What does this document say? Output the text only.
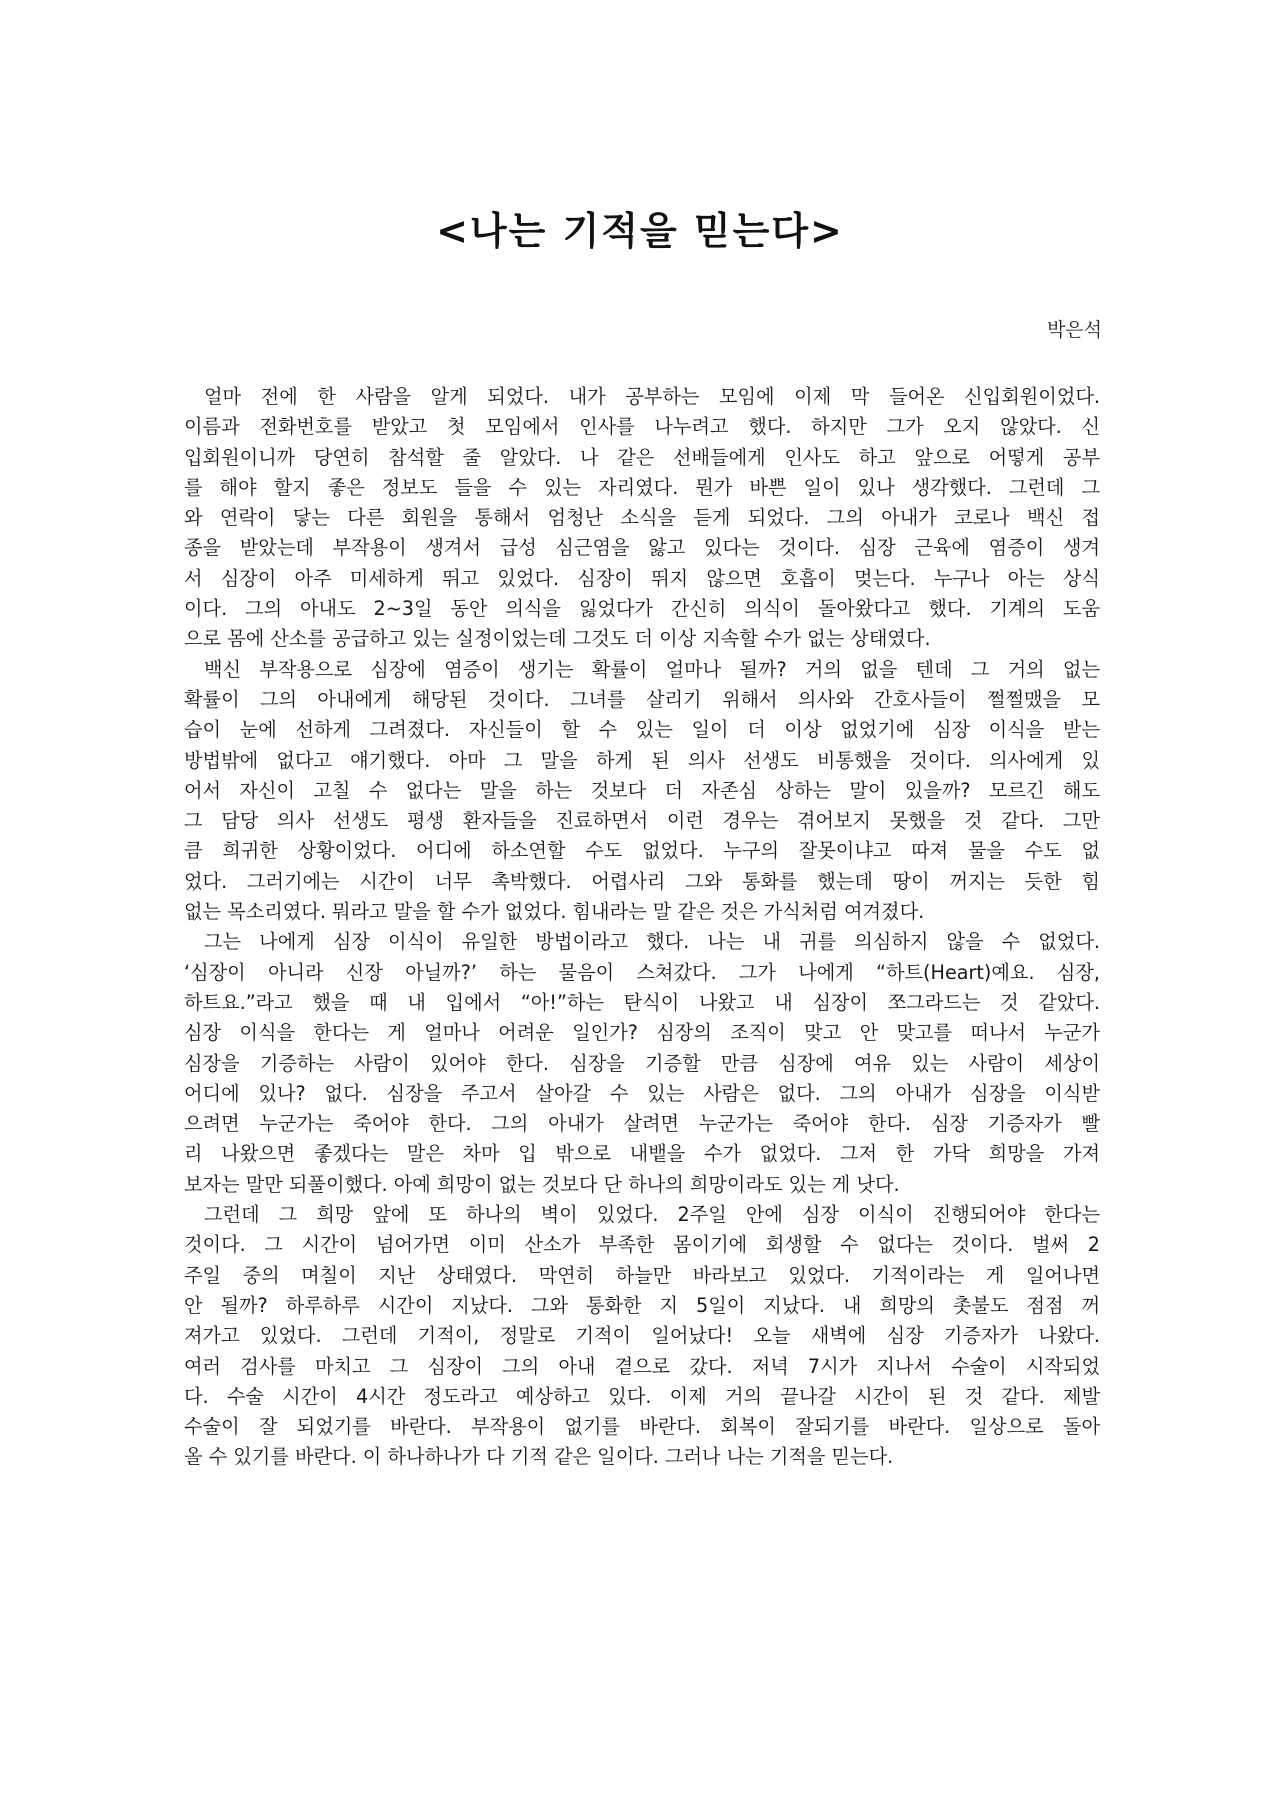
<나는 기적을 믿는다>
박은석
얼마 전에 한 사람을 알게 되었다. 내가 공부하는 모임에 이제 막 들어온 신입회원이었다.
이름과 전화번호를 받았고 첫 모임에서 인사를 나누려고 했다. 하지만 그가 오지 않았다. 신
입회원이니까 당연히 참석할 줄 알았다. 나 같은 선배들에게 인사도 하고 앞으로 어떻게 공부
를 해야 할지 좋은 정보도 들을 수 있는 자리였다. 뭔가 바쁜 일이 있나 생각했다. 그런데 그
와 연락이 닿는 다른 회원을 통해서 엄청난 소식을 듣게 되었다. 그의 아내가 코로나 백신 접
종을 받았는데 부작용이 생겨서 급성 심근염을 앓고 있다는 것이다. 심장 근육에 염증이 생겨
서 심장이 아주 미세하게 뛰고 있었다. 심장이 뛰지 않으면 호흡이 멎는다. 누구나 아는 상식
이다. 그의 아내도 2~3일 동안 의식을 잃었다가 간신히 의식이 돌아왔다고 했다. 기계의 도움
으로 몸에 산소를 공급하고 있는 실정이었는데 그것도 더 이상 지속할 수가 없는 상태였다.
백신 부작용으로 심장에 염증이 생기는 확률이 얼마나 될까? 거의 없을 텐데 그 거의 없는
확률이 그의 아내에게 해당된 것이다. 그녀를 살리기 위해서 의사와 간호사들이 쩔쩔맸을 모
습이 눈에 선하게 그려졌다. 자신들이 할 수 있는 일이 더 이상 없었기에 심장 이식을 받는
방법밖에 없다고 얘기했다. 아마 그 말을 하게 된 의사 선생도 비통했을 것이다. 의사에게 있
어서 자신이 고칠 수 없다는 말을 하는 것보다 더 자존심 상하는 말이 있을까? 모르긴 해도
그 담당 의사 선생도 평생 환자들을 진료하면서 이런 경우는 겪어보지 못했을 것 같다. 그만
큼 희귀한 상황이었다. 어디에 하소연할 수도 없었다. 누구의 잘못이냐고 따져 물을 수도 없
었다. 그러기에는 시간이 너무 촉박했다. 어렵사리 그와 통화를 했는데 땅이 꺼지는 듯한 힘
없는 목소리였다. 뭐라고 말을 할 수가 없었다. 힘내라는 말 같은 것은 가식처럼 여겨졌다.
그는 나에게 심장 이식이 유일한 방법이라고 했다. 나는 내 귀를 의심하지 않을 수 없었다.
‘심장이 아니라 신장 아닐까?’ 하는 물음이 스쳐갔다. 그가 나에게 “하트(Heart)예요. 심장,
하트요.”라고 했을 때 내 입에서 “아!”하는 탄식이 나왔고 내 심장이 쪼그라드는 것 같았다.
심장 이식을 한다는 게 얼마나 어려운 일인가? 심장의 조직이 맞고 안 맞고를 떠나서 누군가
심장을 기증하는 사람이 있어야 한다. 심장을 기증할 만큼 심장에 여유 있는 사람이 세상이
어디에 있나? 없다. 심장을 주고서 살아갈 수 있는 사람은 없다. 그의 아내가 심장을 이식받
으려면 누군가는 죽어야 한다. 그의 아내가 살려면 누군가는 죽어야 한다. 심장 기증자가 빨
리 나왔으면 좋겠다는 말은 차마 입 밖으로 내뱉을 수가 없었다. 그저 한 가닥 희망을 가져
보자는 말만 되풀이했다. 아예 희망이 없는 것보다 단 하나의 희망이라도 있는 게 낫다.
그런데 그 희망 앞에 또 하나의 벽이 있었다. 2주일 안에 심장 이식이 진행되어야 한다는
것이다. 그 시간이 넘어가면 이미 산소가 부족한 몸이기에 회생할 수 없다는 것이다. 벌써 2
주일 중의 며칠이 지난 상태였다. 막연히 하늘만 바라보고 있었다. 기적이라는 게 일어나면
안 될까? 하루하루 시간이 지났다. 그와 통화한 지 5일이 지났다. 내 희망의 촛불도 점점 꺼
져가고 있었다. 그런데 기적이, 정말로 기적이 일어났다! 오늘 새벽에 심장 기증자가 나왔다.
여러 검사를 마치고 그 심장이 그의 아내 곁으로 갔다. 저녁 7시가 지나서 수술이 시작되었
다. 수술 시간이 4시간 정도라고 예상하고 있다. 이제 거의 끝나갈 시간이 된 것 같다. 제발
수술이 잘 되었기를 바란다. 부작용이 없기를 바란다. 회복이 잘되기를 바란다. 일상으로 돌아
올 수 있기를 바란다. 이 하나하나가 다 기적 같은 일이다. 그러나 나는 기적을 믿는다.
